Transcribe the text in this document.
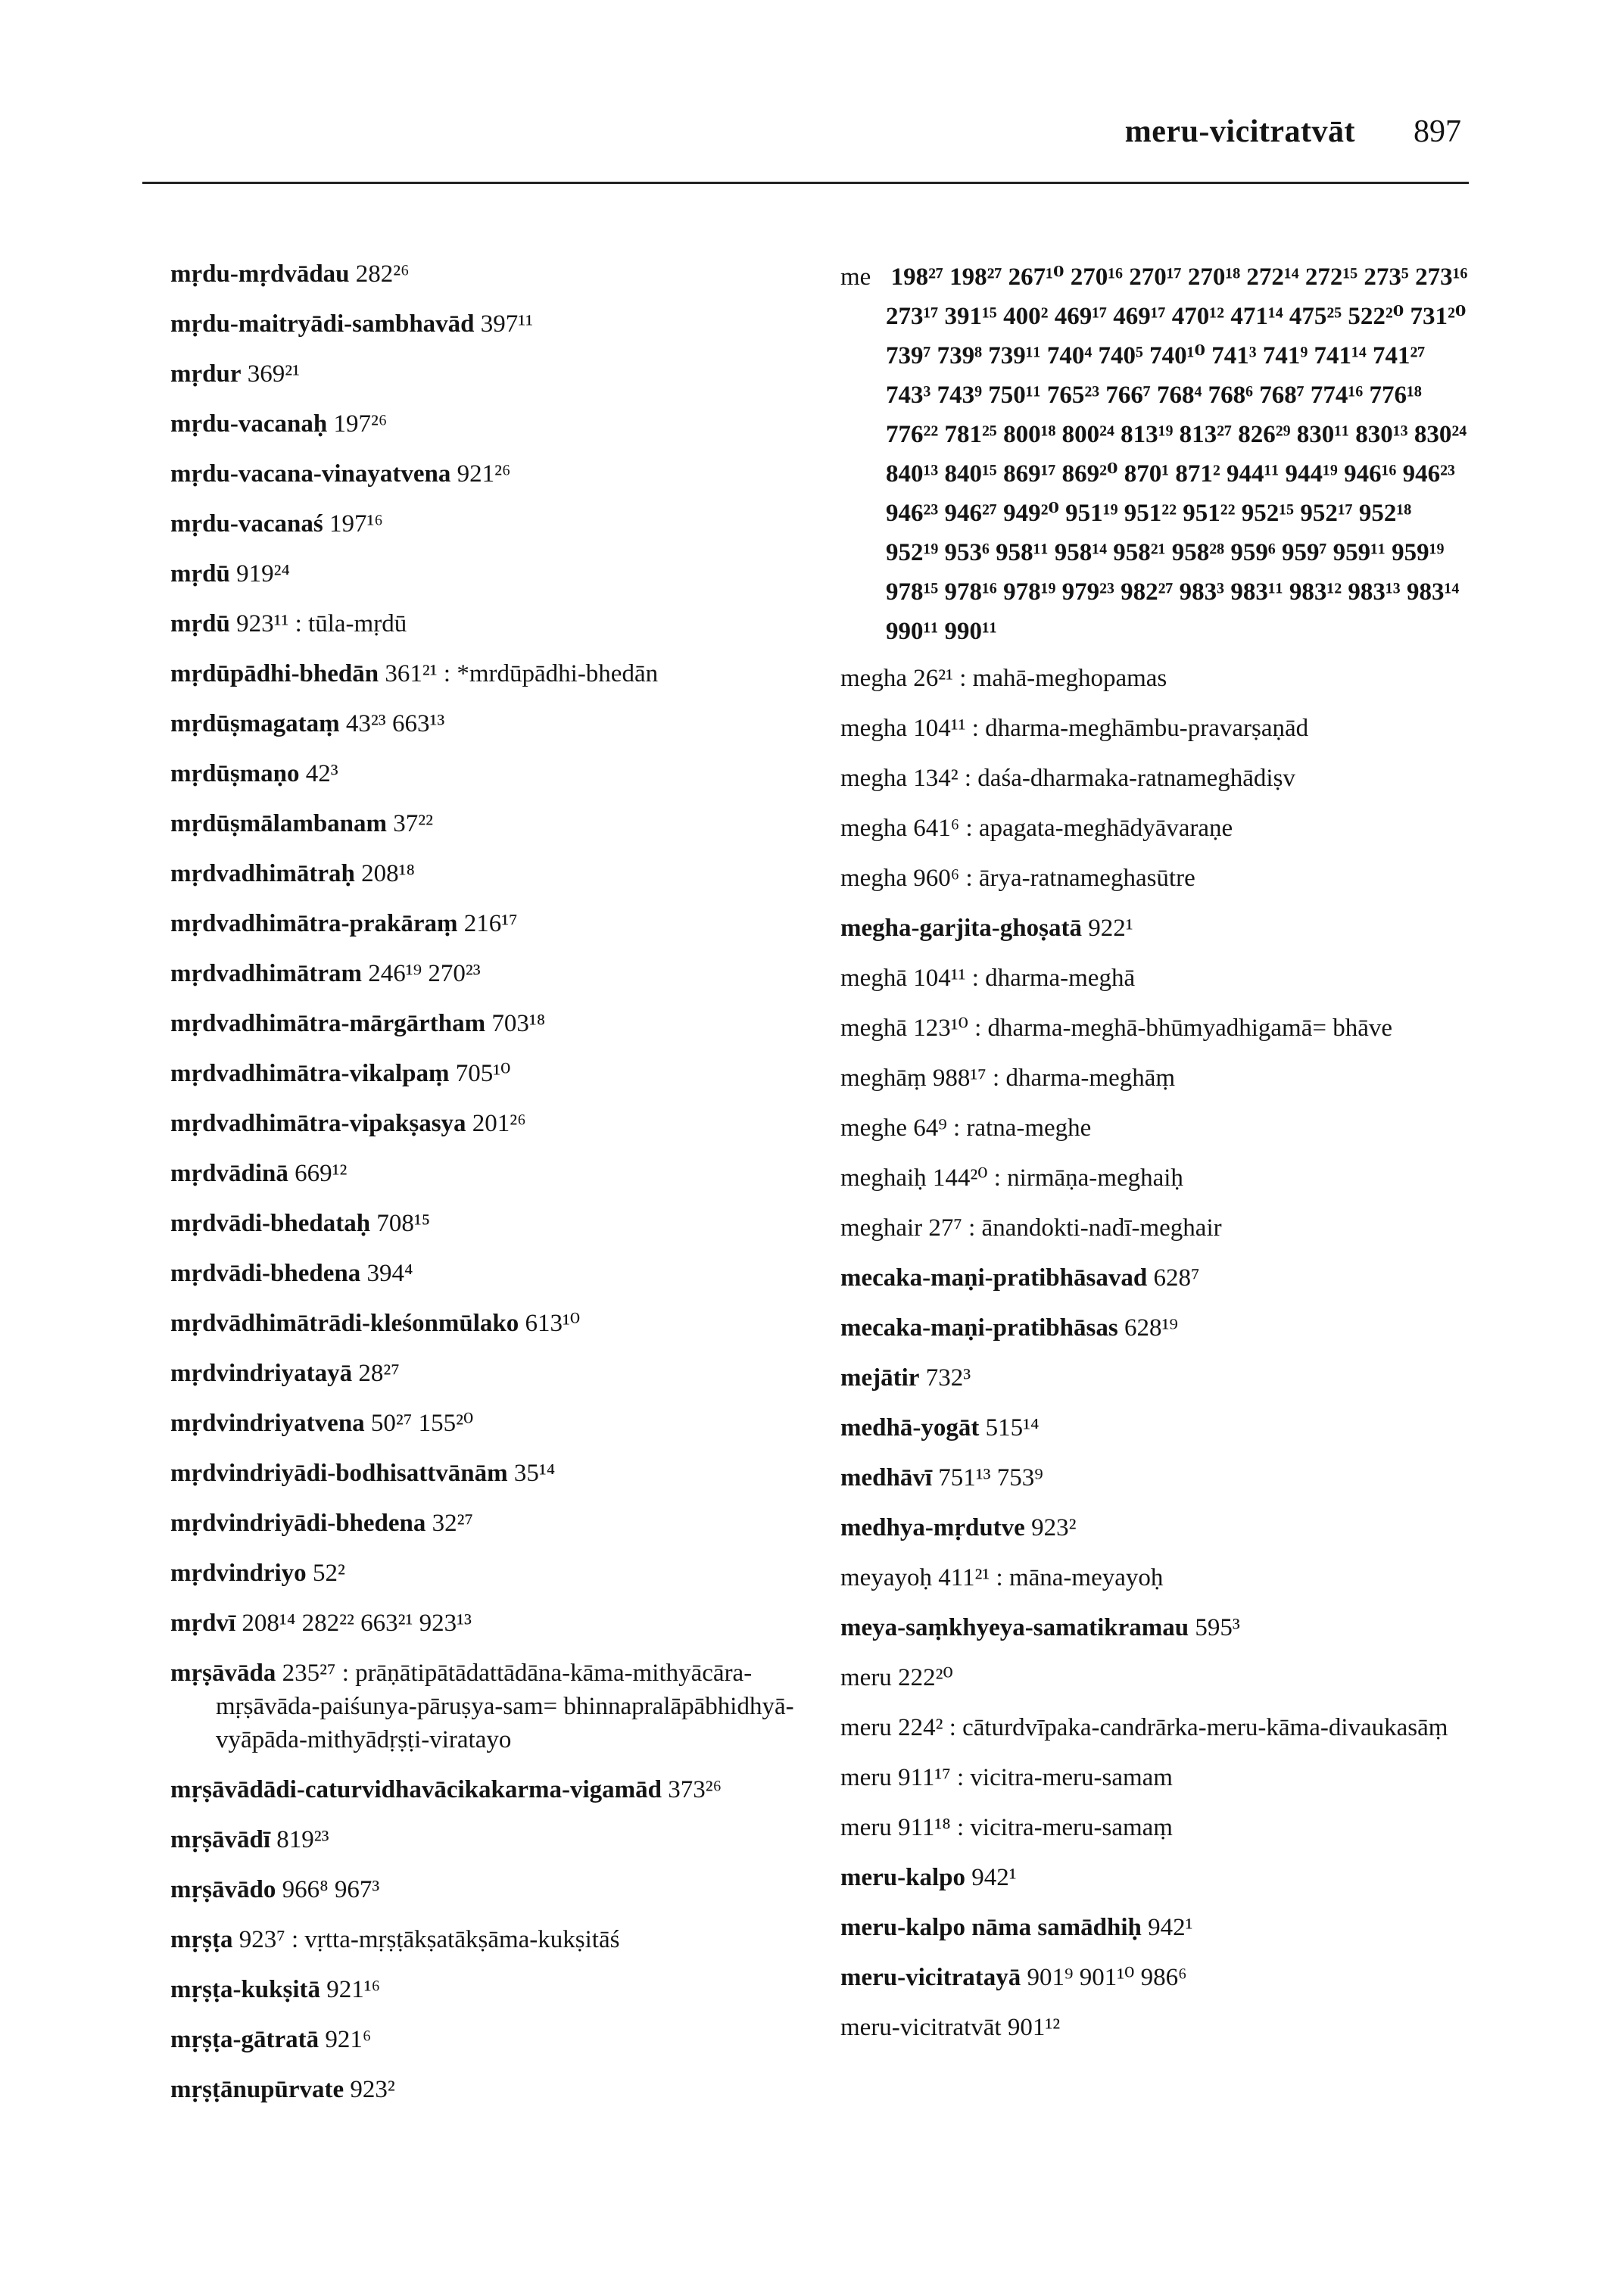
meru-vicitratvāt 897
mṛdu-mṛdvādau 282²⁶
mṛdu-maitryādi-sambhavād 397¹¹
mṛdur 369²¹
mṛdu-vacanaḥ 197²⁶
mṛdu-vacana-vinayatvena 921²⁶
mṛdu-vacanaś 197¹⁶
mṛdū 919²⁴
mṛdū 923¹¹ : tūla-mṛdū
mṛdūpādhi-bhedān 361²¹ : *mrdūpādhi-bhedān
mṛdūṣmagataṃ 43²³ 663¹³
mṛdūṣmaṇo 42³
mṛdūṣmālambanam 37²²
mṛdvadhimātraḥ 208¹⁸
mṛdvadhimātra-prakāraṃ 216¹⁷
mṛdvadhimātram 246¹⁹ 270²³
mṛdvadhimātra-mārgārtham 703¹⁸
mṛdvadhimātra-vikalpaṃ 705¹⁰
mṛdvadhimātra-vipakṣasya 201²⁶
mṛdvādinā 669¹²
mṛdvādi-bhedataḥ 708¹⁵
mṛdvādi-bhedena 394⁴
mṛdvādhimātrādi-kleśonmūlako 613¹⁰
mṛdvindriyatayā 28²⁷
mṛdvindriyatvena 50²⁷ 155²⁰
mṛdvindriyādi-bodhisattvānām 35¹⁴
mṛdvindriyādi-bhedena 32²⁷
mṛdvindriyo 52²
mṛdvī 208¹⁴ 282²² 663²¹ 923¹³
mṛṣāvāda 235²⁷ : prāṇātipātādattādāna-kāma-mithyācāra-mṛṣāvāda-paiśunya-pāruṣya-sam= bhinnapralāpābhidhyā-vyāpāda-mithyādṛṣṭi-viratayo
mṛṣāvādādi-caturvidhavācikakarma-vigamād 373²⁶
mṛṣāvādī 819²³
mṛṣāvādo 966⁸ 967³
mṛṣṭa 923⁷ : vṛtta-mṛṣṭākṣatākṣāma-kukṣitāś
mṛṣṭa-kukṣitā 921¹⁶
mṛṣṭa-gātratā 921⁶
mṛṣṭānupūrvate 923²
me 198²⁷ 198²⁷ 267¹⁰ 270¹⁶ 270¹⁷ 270¹⁸ 272¹⁴ 272¹⁵ 273⁵ 273¹⁶ 273¹⁷ 391¹⁵ 400² 469¹⁷ 469¹⁷ 470¹² 471¹⁴ 475²⁵ 522²⁰ 731²⁰ 739⁷ 739⁸ 739¹¹ 740⁴ 740⁵ 740¹⁰ 741³ 741⁹ 741¹⁴ 741²⁷ 743³ 743⁹ 750¹¹ 765²³ 766⁷ 768⁴ 768⁶ 768⁷ 774¹⁶ 776¹⁸ 776²² 781²⁵ 800¹⁸ 800²⁴ 813¹⁹ 813²⁷ 826²⁹ 830¹¹ 830¹³ 830²⁴ 840¹³ 840¹⁵ 869¹⁷ 869²⁰ 870¹ 871² 944¹¹ 944¹⁹ 946¹⁶ 946²³ 946²³ 946²⁷ 949²⁰ 951¹⁹ 951²² 951²² 952¹⁵ 952¹⁷ 952¹⁸ 952¹⁹ 953⁶ 958¹¹ 958¹⁴ 958²¹ 958²⁸ 959⁶ 959⁷ 959¹¹ 959¹⁹ 978¹⁵ 978¹⁶ 978¹⁹ 979²³ 982²⁷ 983³ 983¹¹ 983¹² 983¹³ 983¹⁴ 990¹¹ 990¹¹
megha 26²¹ : mahā-meghopamas
megha 104¹¹ : dharma-meghāmbu-pravarṣaṇād
megha 134² : daśa-dharmaka-ratnameghādiṣv
megha 641⁶ : apagata-meghādyāvaraṇe
megha 960⁶ : ārya-ratnameghasūtre
megha-garjita-ghoṣatā 922¹
meghā 104¹¹ : dharma-meghā
meghā 123¹⁰ : dharma-meghā-bhūmyadhigamā= bhāve
meghāṃ 988¹⁷ : dharma-meghāṃ
meghe 64⁹ : ratna-meghe
meghaiḥ 144²⁰ : nirmāṇa-meghaiḥ
meghair 27⁷ : ānandokti-nadī-meghair
mecaka-maṇi-pratibhāsavad 628⁷
mecaka-maṇi-pratibhāsas 628¹⁹
mejātir 732³
medhā-yogāt 515¹⁴
medhāvī 751¹³ 753⁹
medhya-mṛdutve 923²
meyayoḥ 411²¹ : māna-meyayoḥ
meya-saṃkhyeya-samatikramau 595³
meru 222²⁰
meru 224² : cāturdvīpaka-candrārka-meru-kāma-divaukasāṃ
meru 911¹⁷ : vicitra-meru-samam
meru 911¹⁸ : vicitra-meru-samaṃ
meru-kalpo 942¹
meru-kalpo nāma samādhiḥ 942¹
meru-vicitratayā 901⁹ 901¹⁰ 986⁶
meru-vicitratvāt 901¹²
